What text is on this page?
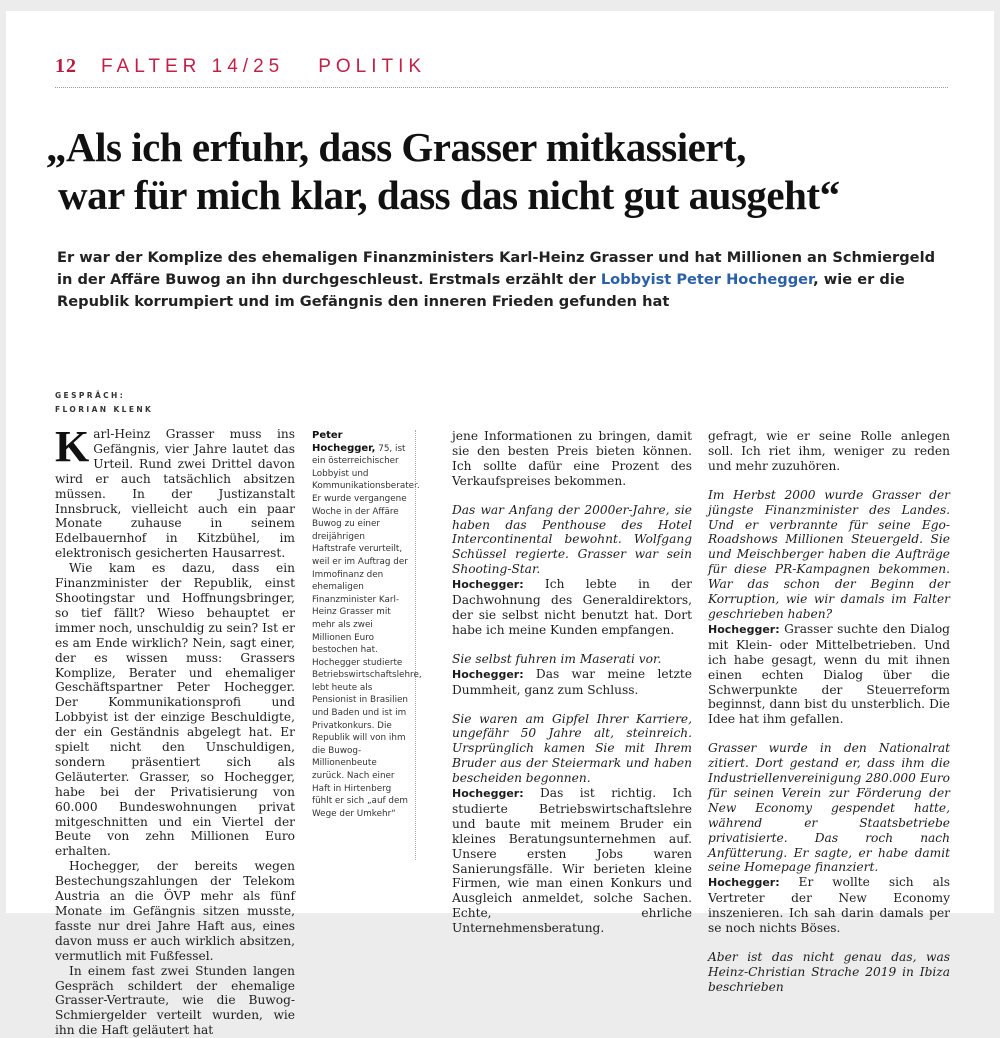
12 FALTER 14/25 POLITIK
„Als ich erfuhr, dass Grasser mitkassiert,
war für mich klar, dass das nicht gut ausgeht“
Er war der Komplize des ehemaligen Finanzministers Karl-Heinz Grasser und hat Millionen an Schmiergeld in der Affäre Buwog an ihn durchgeschleust. Erstmals erzählt der Lobbyist Peter Hochegger, wie er die Republik korrumpiert und im Gefängnis den inneren Frieden gefunden hat
GESPRÄCH:
FLORIAN KLENK

Karl-Heinz Grasser muss ins Gefängnis, vier Jahre lautet das Urteil. Rund zwei Drittel davon wird er auch tatsächlich absitzen müssen. In der Justizanstalt Innsbruck, vielleicht auch ein paar Monate zuhause in seinem Edelbauernhof in Kitzbühel, im elektronisch gesicherten Hausarrest.

Wie kam es dazu, dass ein Finanzminister der Republik, einst Shootingstar und Hoffnungsbringer, so tief fällt? Wieso behauptet er immer noch, unschuldig zu sein? Ist er es am Ende wirklich? Nein, sagt einer, der es wissen muss: Grassers Komplize, Berater und ehemaliger Geschäftspartner Peter Hochegger. Der Kommunikationsprofi und Lobbyist ist der einzige Beschuldigte, der ein Geständnis abgelegt hat. Er spielt nicht den Unschuldigen, sondern präsentiert sich als Geläuterter. Grasser, so Hochegger, habe bei der Privatisierung von 60.000 Bundeswohnungen privat mitgeschnitten und ein Viertel der Beute von zehn Millionen Euro erhalten.

Hochegger, der bereits wegen Bestechungszahlungen der Telekom Austria an die ÖVP mehr als fünf Monate im Gefängnis sitzen musste, fasste nur drei Jahre Haft aus, eines davon muss er auch wirklich absitzen, vermutlich mit Fußfessel.

In einem fast zwei Stunden langen Gespräch schildert der ehemalige Grasser-Vertraute, wie die Buwog-Schmiergelder verteilt wurden, wie ihn die Haft geläutert hat

Peter Hochegger, 75, ist ein österreichischer Lobbyist und Kommunikationsberater. Er wurde vergangene Woche in der Affäre Buwog zu einer dreijährigen Haftstrafe verurteilt, weil er im Auftrag der Immofinanz den ehemaligen Finanzminister Karl-Heinz Grasser mit mehr als zwei Millionen Euro bestochen hat. Hochegger studierte Betriebswirtschaftslehre, lebt heute als Pensionist in Brasilien und Baden und ist im Privatkonkurs. Die Republik will von ihm die Buwog-Millionenbeute zurück. Nach einer Haft in Hirtenberg fühlt er sich „auf dem Wege der Umkehr“

jene Informationen zu bringen, damit sie den besten Preis bieten können. Ich sollte dafür eine Prozent des Verkaufspreises bekommen.

Das war Anfang der 2000er-Jahre, sie haben das Penthouse des Hotel Intercontinental bewohnt. Wolfgang Schüssel regierte. Grasser war sein Shooting-Star.

Hochegger: Ich lebte in der Dachwohnung des Generaldirektors, der sie selbst nicht benutzt hat. Dort habe ich meine Kunden empfangen.

Sie selbst fuhren im Maserati vor.

Hochegger: Das war meine letzte Dummheit, ganz zum Schluss.

Sie waren am Gipfel Ihrer Karriere, ungefähr 50 Jahre alt, steinreich. Ursprünglich kamen Sie mit Ihrem Bruder aus der Steiermark und haben bescheiden begonnen.

Hochegger: Das ist richtig. Ich studierte Betriebswirtschaftslehre und baute mit meinem Bruder ein kleines Beratungsunternehmen auf. Unsere ersten Jobs waren Sanierungsfälle. Wir berieten kleine Firmen, wie man einen Konkurs und Ausgleich anmeldet, solche Sachen. Echte, ehrliche Unternehmensberatung.

gefragt, wie er seine Rolle anlegen soll. Ich riet ihm, weniger zu reden und mehr zuzuhören.

Im Herbst 2000 wurde Grasser der jüngste Finanzminister des Landes. Und er verbrannte für seine Ego-Roadshows Millionen Steuergeld. Sie und Meischberger haben die Aufträge für diese PR-Kampagnen bekommen. War das schon der Beginn der Korruption, wie wir damals im Falter geschrieben haben?

Hochegger: Grasser suchte den Dialog mit Klein- oder Mittelbetrieben. Und ich habe gesagt, wenn du mit ihnen einen echten Dialog über die Schwerpunkte der Steuerreform beginnst, dann bist du unsterblich. Die Idee hat ihm gefallen.

Grasser wurde in den Nationalrat zitiert. Dort gestand er, dass ihm die Industriellenvereinigung 280.000 Euro für seinen Verein zur Förderung der New Economy gespendet hatte, während er Staatsbetriebe privatisierte. Das roch nach Anfütterung. Er sagte, er habe damit seine Homepage finanziert.

Hochegger: Er wollte sich als Vertreter der New Economy inszenieren. Ich sah darin damals per se noch nichts Böses.

Aber ist das nicht genau das, was Heinz-Christian Strache 2019 in Ibiza beschrieben
